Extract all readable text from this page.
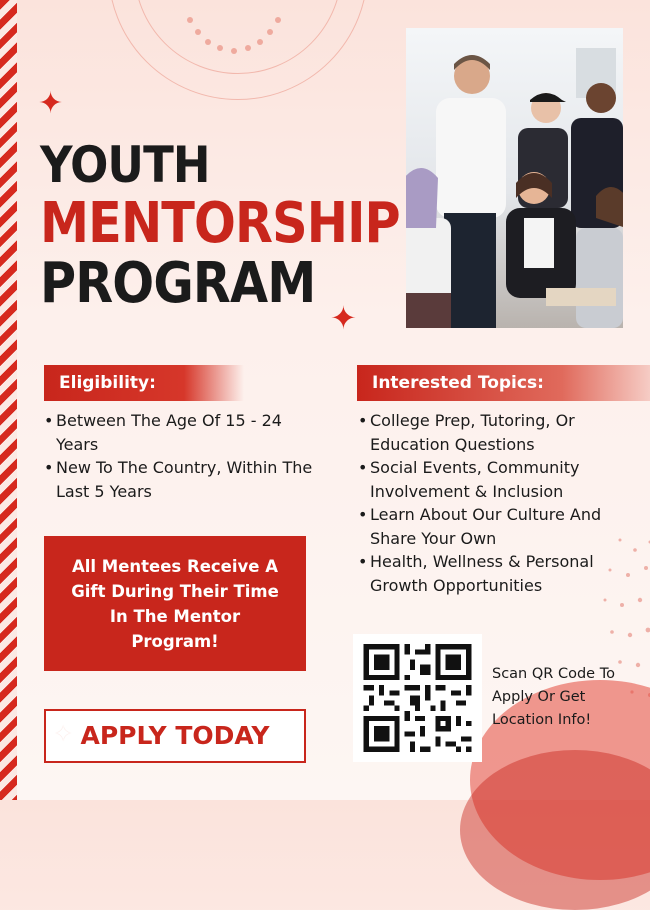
✦
✦
YOUTH
MENTORSHIP
PROGRAM
Eligibility:
• Between The Age Of 15 - 24 Years
• New To The Country, Within The Last 5 Years
Interested Topics:
• College Prep, Tutoring, Or Education Questions
• Social Events, Community Involvement & Inclusion
• Learn About Our Culture And Share Your Own
• Health, Wellness & Personal Growth Opportunities
All Mentees Receive A Gift During Their Time In The Mentor Program!
✦ APPLY TODAY
Scan QR Code To Apply Or Get Location Info!
